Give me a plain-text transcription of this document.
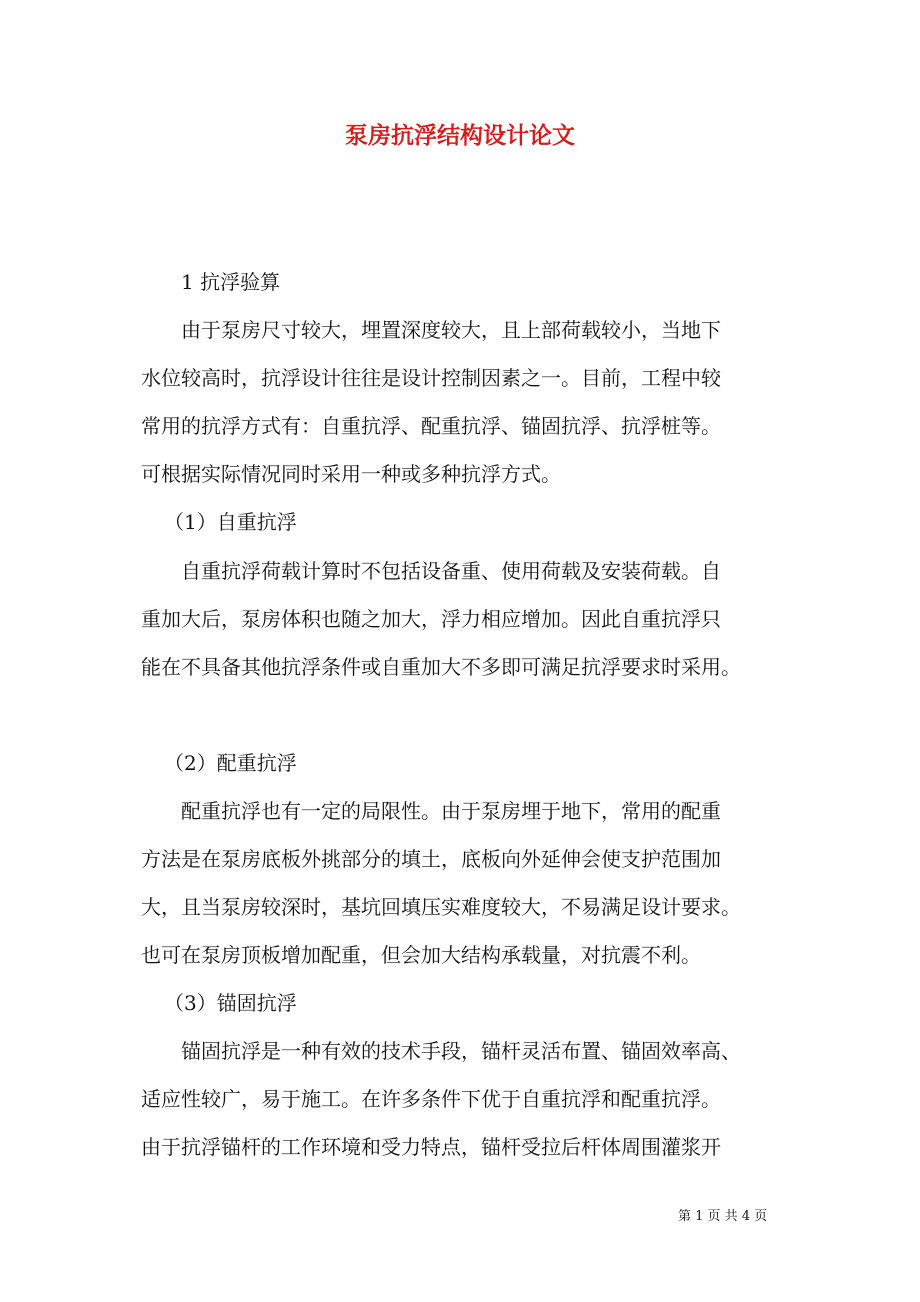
泵房抗浮结构设计论文
1 抗浮验算
由于泵房尺寸较大，埋置深度较大，且上部荷载较小，当地下
水位较高时，抗浮设计往往是设计控制因素之一。目前，工程中较
常用的抗浮方式有：自重抗浮、配重抗浮、锚固抗浮、抗浮桩等。
可根据实际情况同时采用一种或多种抗浮方式。
（1）自重抗浮
自重抗浮荷载计算时不包括设备重、使用荷载及安装荷载。自
重加大后，泵房体积也随之加大，浮力相应增加。因此自重抗浮只
能在不具备其他抗浮条件或自重加大不多即可满足抗浮要求时采用。
（2）配重抗浮
配重抗浮也有一定的局限性。由于泵房埋于地下，常用的配重
方法是在泵房底板外挑部分的填土，底板向外延伸会使支护范围加
大，且当泵房较深时，基坑回填压实难度较大，不易满足设计要求。
也可在泵房顶板增加配重，但会加大结构承载量，对抗震不利。
（3）锚固抗浮
锚固抗浮是一种有效的技术手段，锚杆灵活布置、锚固效率高、
适应性较广，易于施工。在许多条件下优于自重抗浮和配重抗浮。
由于抗浮锚杆的工作环境和受力特点，锚杆受拉后杆体周围灌浆开
第 1 页 共 4 页
